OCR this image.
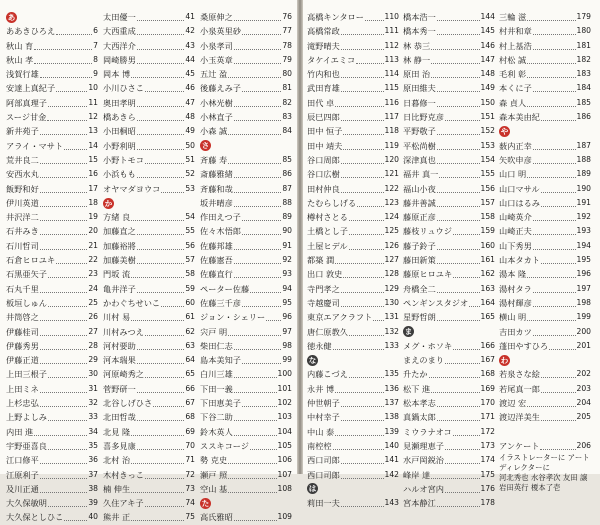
あ
ああきひろえ	6
秋山 育	7
秋山 孝	8
浅賀行雄	9
安達上真紀子	10
阿部真理子	11
スージ甘金	12
新井苑子	13
アライ・マサト	14
荒井良二	15
安西水丸	16
飯野和好	17
伊川英道	18
井沢洋二	19
石井みき	20
石川哲司	21
石倉ヒロユキ	22
石黒亜矢子	23
石丸千里	24
板垣しゅん	25
井筒啓之	26
伊藤桂司	27
伊藤秀男	28
伊藤正道	29
上田三根子	30
上田ミネ	31
上杉忠弘	32
上野よしみ	33
内田 進	34
宇野亜喜良	35
江口修平	36
江原利子	37
及川正通	38
大久保敏明	39
大久保としひこ	40
太田優一	41
大西重成	42
大西洋介	43
岡崎勝男	44
岡本 博	45
小川ひさこ	46
奥田孝明	47
橋あきら	48
小田桐昭	49
小野利明	50
小野トモコ	51
小浜もも	52
オヤマダヨウコ	53
か
方緒 良	54
加藤直之	55
加藤裕將	56
加藤美樹	57
門坂 流	58
亀井洋子	59
かわぐちせいこ	60
川村 易	61
川村みつえ	62
河村要助	63
河本瑞果	64
河原崎秀之	65
菅野研一	66
北谷しげひさ	67
北田哲哉	68
北見 隆	69
喜多見康	70
北村 治	71
木村きっこ	72
楠 伸生	73
久住アキ子	74
熊井 正	75
桑原伸之	76
小泉英里砂	77
小泉孝司	78
小玉英章	79
五辻 盈	80
後藤えみ子	81
小林光樹	82
小林直子	83
小森 誠	84
さ
斉藤 寿	85
斎藤雅緒	86
斉藤和哉	87
坂井晴彦	88
作田えつ子	89
佐々木悟郎	90
佐藤邦雄	91
佐藤憲吾	92
佐藤直行	93
ペーター佐藤	94
佐藤三千彦	95
ジョン・シェリー 96
宍戸 明	97
柴田仁志	98
島本美知子	99
白川三雄	100
下田一義	101
下田恵美子	102
下谷二助	103
鈴木英人	104
ススキコージ	105
勢 克史	106
瀬戸 照	107
空山 基	108
た
高氏雅昭	109
高橋キンタロー	110
高橋常政	111
滝野晴夫	112
タケイエミコ	113
竹内和也	114
武田育雄	115
田代 卓	116
辰巳四郎	117
田中 恒子	118
田中 靖夫	119
谷口周郎	120
谷口広樹	121
田村仲良	122
たむらしげる	123
樽村さとる	124
土橋とし子	125
土屋ヒデル	126
都築 潤	127
出口 敦史	128
寺門孝之	129
寺越慶司	130
東京エアクラフト 131
唐仁原教久	132
徳永健	133
な
内藤こづえ	135
永井 博	136
仲世朝子	137
中村幸子	138
中山 泰	139
南椌椌	140
西口司郎	141
西口司郎	142
は
莉田一夫	143
橋本浩一	144
橋本秀一	145
林 恭三	146
林 静一	147
原田 治	148
原田維夫	149
日暮修一	150
日比野克彦	151
平野敬子	152
平松尚樹	153
深津真也	154
福井 真一	155
福山小夜	156
藤井善誠	157
藤原正彦	158
藤枝リュウジ	159
藤子鈴子	160
藤田新策	161
藤原ヒロユキ	162
舟橋全二	163
ペンギンスタジオ 164
星野哲朗	165
ま
メグ・ホソキ	166
まえのまり	167
升たか	168
松下 進	169
松本孝志	170
真鍋太郎	171
ミウラナオコ	172
見瀬理恵子	173
水戸岡鋭治	174
峰岸 達	175
ハルオ宮内	176
宮本静江	178
三輪 滋	179
村井和章	180
村上基浩	181
村松 誠	182
毛利 彰	183
本くに子	184
森 貞人	185
森本美由紀	186
や
薮内正幸	187
矢吹申彦	188
山口 明	189
山口マサル	190
山口はるみ	191
山崎英介	192
山崎正夫	193
山下秀男	194
山本タカト	195
湯本 隆	196
湯村タラ	197
湯村輝彦	198
横山 明	199
吉田カツ	200
蓬田やすひろ	201
わ
若泉さな絵	202
若尾真一郎	203
渡辺 宏	204
渡辺洋美生	205
アンケート	206
イラストレーターに アートディレクターに
河北秀也 水谷孝次 友田 譲 岩田英行 榎本了壱
